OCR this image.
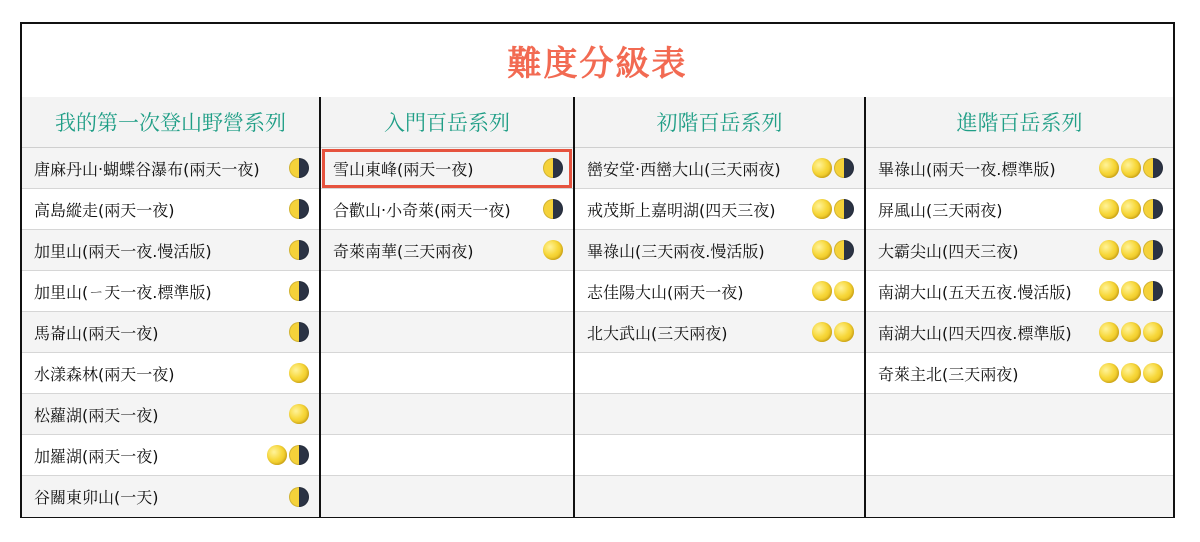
難度分級表
我的第一次登山野營系列
唐麻丹山‧蝴蝶谷瀑布(兩天一夜)
高島縱走(兩天一夜)
加里山(兩天一夜.慢活版)
加里山(ㄧ天一夜.標準版)
馬崙山(兩天一夜)
水漾森林(兩天一夜)
松蘿湖(兩天一夜)
加羅湖(兩天一夜)
谷關東卯山(一天)
入門百岳系列
雪山東峰(兩天一夜)
合歡山‧小奇萊(兩天一夜)
奇萊南華(三天兩夜)
初階百岳系列
巒安堂‧西巒大山(三天兩夜)
戒茂斯上嘉明湖(四天三夜)
畢祿山(三天兩夜.慢活版)
志佳陽大山(兩天一夜)
北大武山(三天兩夜)
進階百岳系列
畢祿山(兩天一夜.標準版)
屏風山(三天兩夜)
大霸尖山(四天三夜)
南湖大山(五天五夜.慢活版)
南湖大山(四天四夜.標準版)
奇萊主北(三天兩夜)
